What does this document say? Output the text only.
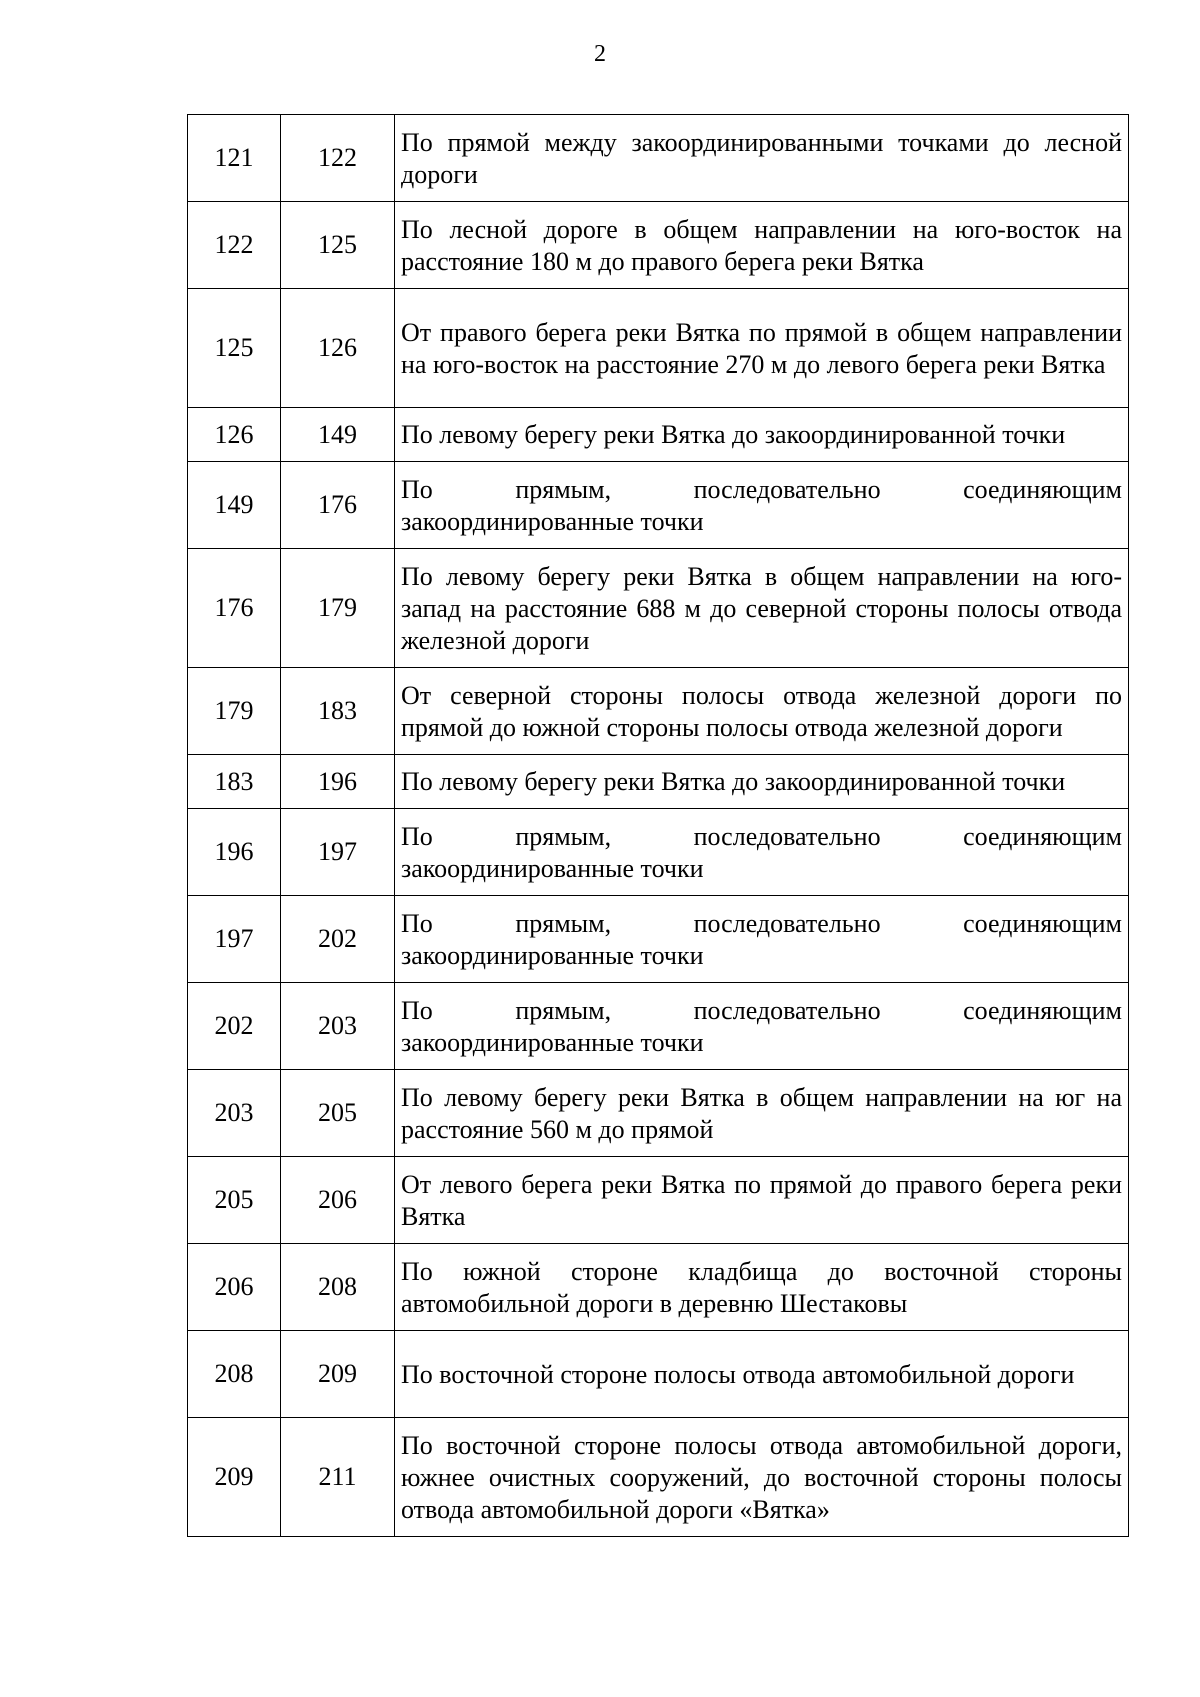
2
121	122	По прямой между закоординированными точками до лесной дороги
122	125	По лесной дороге в общем направлении на юго-восток на расстояние 180 м до правого берега реки Вятка
125	126	От правого берега реки Вятка по прямой в общем направлении на юго-восток на расстояние 270 м до левого берега реки Вятка
126	149	По левому берегу реки Вятка до закоординированной точки
149	176	По прямым, последовательно соединяющим закоординированные точки
176	179	По левому берегу реки Вятка в общем направлении на юго-запад на расстояние 688 м до северной стороны полосы отвода железной дороги
179	183	От северной стороны полосы отвода железной дороги по прямой до южной стороны полосы отвода железной дороги
183	196	По левому берегу реки Вятка до закоординированной точки
196	197	По прямым, последовательно соединяющим закоординированные точки
197	202	По прямым, последовательно соединяющим закоординированные точки
202	203	По прямым, последовательно соединяющим закоординированные точки
203	205	По левому берегу реки Вятка в общем направлении на юг на расстояние 560 м до прямой
205	206	От левого берега реки Вятка по прямой до правого берега реки Вятка
206	208	По южной стороне кладбища до восточной стороны автомобильной дороги в деревню Шестаковы
208	209	По восточной стороне полосы отвода автомобильной дороги
209	211	По восточной стороне полосы отвода автомобильной дороги, южнее очистных сооружений, до восточной стороны полосы отвода автомобильной дороги «Вятка»
